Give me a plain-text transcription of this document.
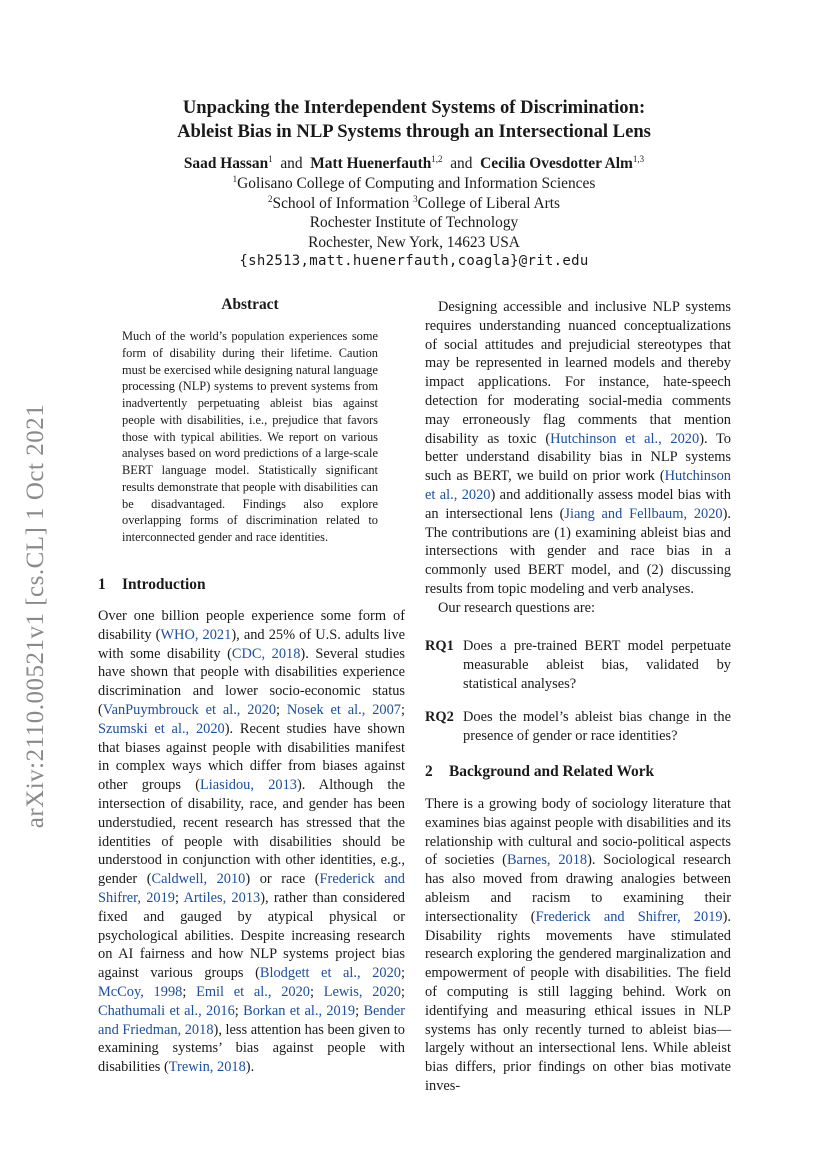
Unpacking the Interdependent Systems of Discrimination:
Ableist Bias in NLP Systems through an Intersectional Lens
Saad Hassan$^1$ and Matt Huenerfauth$^{1,2}$ and Cecilia Ovesdotter Alm$^{1,3}$
$^1$Golisano College of Computing and Information Sciences
$^2$School of Information $^3$College of Liberal Arts
Rochester Institute of Technology
Rochester, New York, 14623 USA
{sh2513,matt.huenerfauth,coagla}@rit.edu
arXiv:2110.00521v1 [cs.CL] 1 Oct 2021
Abstract
Much of the world’s population experiences some form of disability during their lifetime. Caution must be exercised while designing natural language processing (NLP) systems to prevent systems from inadvertently perpetuating ableist bias against people with disabilities, i.e., prejudice that favors those with typical abilities. We report on various analyses based on word predictions of a large-scale BERT language model. Statistically significant results demonstrate that people with disabilities can be disadvantaged. Findings also explore overlapping forms of discrimination related to interconnected gender and race identities.
1 Introduction

Over one billion people experience some form of disability (WHO, 2021), and 25% of U.S. adults live with some disability (CDC, 2018). Several studies have shown that people with disabilities experience discrimination and lower socio-economic status (VanPuymbrouck et al., 2020; Nosek et al., 2007; Szumski et al., 2020). Recent studies have shown that biases against people with disabilities manifest in complex ways which differ from biases against other groups (Liasidou, 2013). Although the intersection of disability, race, and gender has been understudied, recent research has stressed that the identities of people with disabilities should be understood in conjunction with other identities, e.g., gender (Caldwell, 2010) or race (Frederick and Shifrer, 2019; Artiles, 2013), rather than considered fixed and gauged by atypical physical or psychological abilities. Despite increasing research on AI fairness and how NLP systems project bias against various groups (Blodgett et al., 2020; McCoy, 1998; Emil et al., 2020; Lewis, 2020; Chathumali et al., 2016; Borkan et al., 2019; Bender and Friedman, 2018), less attention has been given to examining systems’ bias against people with disabilities (Trewin, 2018).

Designing accessible and inclusive NLP systems requires understanding nuanced conceptualizations of social attitudes and prejudicial stereotypes that may be represented in learned models and thereby impact applications. For instance, hate-speech detection for moderating social-media comments may erroneously flag comments that mention disability as toxic (Hutchinson et al., 2020). To better understand disability bias in NLP systems such as BERT, we build on prior work (Hutchinson et al., 2020) and additionally assess model bias with an intersectional lens (Jiang and Fellbaum, 2020). The contributions are (1) examining ableist bias and intersections with gender and race bias in a commonly used BERT model, and (2) discussing results from topic modeling and verb analyses.

Our research questions are:

RQ1 Does a pre-trained BERT model perpetuate measurable ableist bias, validated by statistical analyses?
RQ2 Does the model’s ableist bias change in the presence of gender or race identities?
2 Background and Related Work

There is a growing body of sociology literature that examines bias against people with disabilities and its relationship with cultural and socio-political aspects of societies (Barnes, 2018). Sociological research has also moved from drawing analogies between ableism and racism to examining their intersectionality (Frederick and Shifrer, 2019). Disability rights movements have stimulated research exploring the gendered marginalization and empowerment of people with disabilities. The field of computing is still lagging behind. Work on identifying and measuring ethical issues in NLP systems has only recently turned to ableist bias—largely without an intersectional lens. While ableist bias differs, prior findings on other bias motivate inves-
